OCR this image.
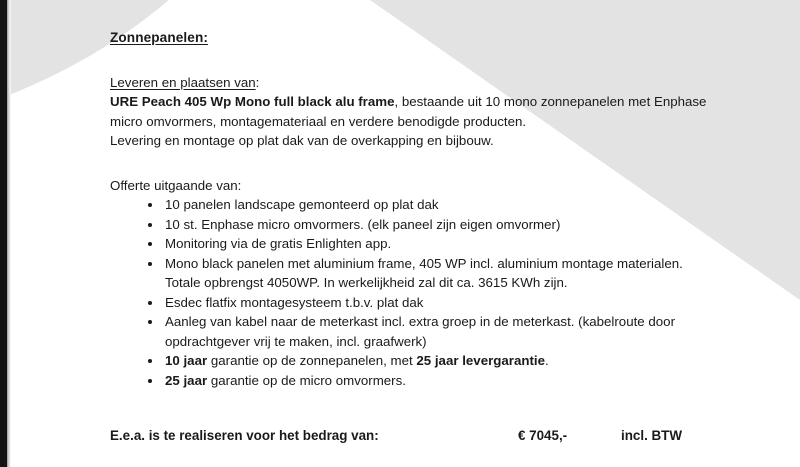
Zonnepanelen:
Leveren en plaatsen van:
URE Peach 405 Wp Mono full black alu frame, bestaande uit 10 mono zonnepanelen met Enphase
micro omvormers, montagemateriaal en verdere benodigde producten.
Levering en montage op plat dak van de overkapping en bijbouw.
Offerte uitgaande van:
10 panelen landscape gemonteerd op plat dak
10 st. Enphase micro omvormers. (elk paneel zijn eigen omvormer)
Monitoring via de gratis Enlighten app.
Mono black panelen met aluminium frame, 405 WP incl. aluminium montage materialen.
Totale opbrengst 4050WP. In werkelijkheid zal dit ca. 3615 KWh zijn.
Esdec flatfix montagesysteem t.b.v. plat dak
Aanleg van kabel naar de meterkast incl. extra groep in de meterkast. (kabelroute door
opdrachtgever vrij te maken, incl. graafwerk)
10 jaar garantie op de zonnepanelen, met 25 jaar levergarantie.
25 jaar garantie op de micro omvormers.
E.e.a. is te realiseren voor het bedrag van:	€ 7045,-	incl. BTW
